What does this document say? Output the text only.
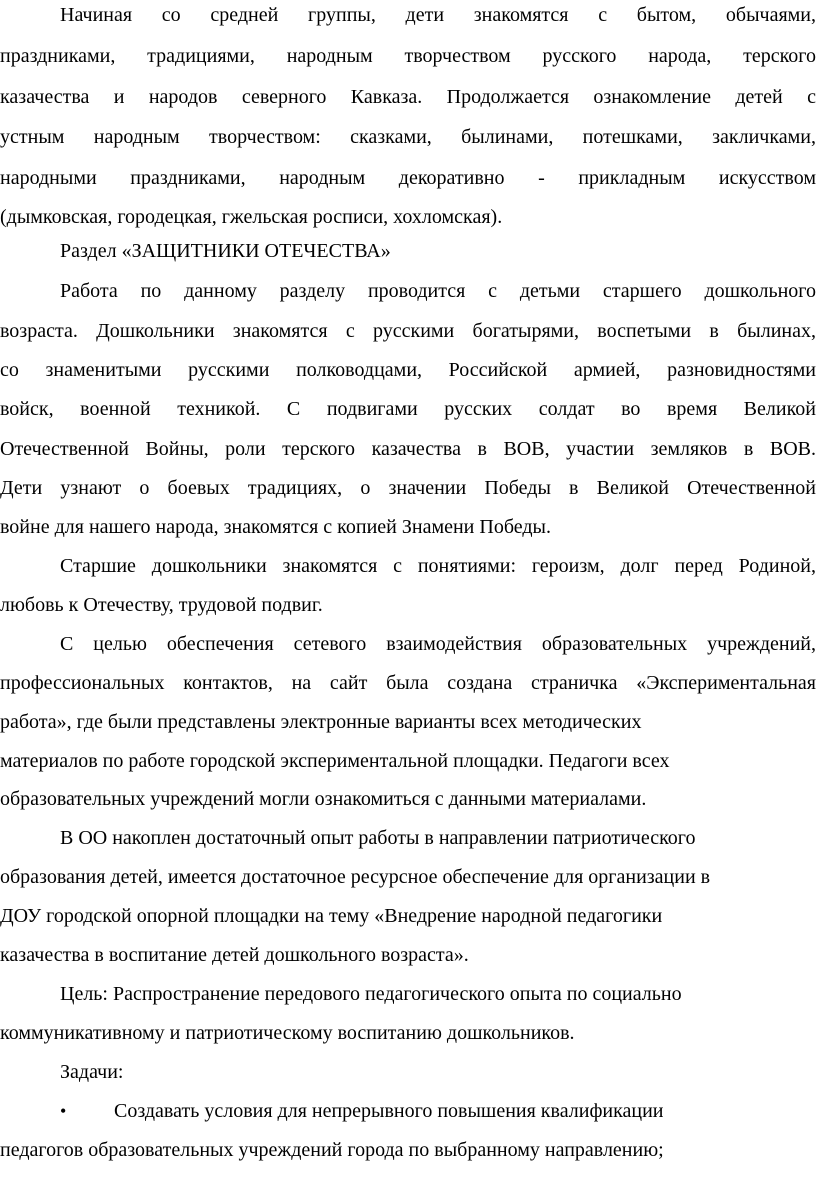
Начиная со средней группы, дети знакомятся с бытом, обычаями,
праздниками, традициями, народным творчеством русского народа, терского
казачества и народов северного Кавказа. Продолжается ознакомление детей с
устным народным творчеством: сказками, былинами, потешками, закличками,
народными праздниками, народным декоративно - прикладным искусством
(дымковская, городецкая, гжельская росписи, хохломская).
Раздел «ЗАЩИТНИКИ ОТЕЧЕСТВА»
Работа по данному разделу проводится с детьми старшего дошкольного
возраста. Дошкольники знакомятся с русскими богатырями, воспетыми в былинах,
со знаменитыми русскими полководцами, Российской армией, разновидностями
войск, военной техникой. С подвигами русских солдат во время Великой
Отечественной Войны, роли терского казачества в ВОВ, участии земляков в ВОВ.
Дети узнают о боевых традициях, о значении Победы в Великой Отечественной
войне для нашего народа, знакомятся с копией Знамени Победы.
Старшие дошкольники знакомятся с понятиями: героизм, долг перед Родиной,
любовь к Отечеству, трудовой подвиг.
С целью обеспечения сетевого взаимодействия образовательных учреждений,
профессиональных контактов, на сайт была создана страничка «Экспериментальная
работа», где были представлены электронные варианты всех методических
материалов по работе городской экспериментальной площадки. Педагоги всех
образовательных учреждений могли ознакомиться с данными материалами.
В ОО накоплен достаточный опыт работы в направлении патриотического
образования детей, имеется достаточное ресурсное обеспечение для организации в
ДОУ городской опорной площадки на тему «Внедрение народной педагогики
казачества в воспитание детей дошкольного возраста».
Цель: Распространение передового педагогического опыта по социально
коммуникативному и патриотическому воспитанию дошкольников.
Задачи:
• Создавать условия для непрерывного повышения квалификации
педагогов образовательных учреждений города по выбранному направлению;
